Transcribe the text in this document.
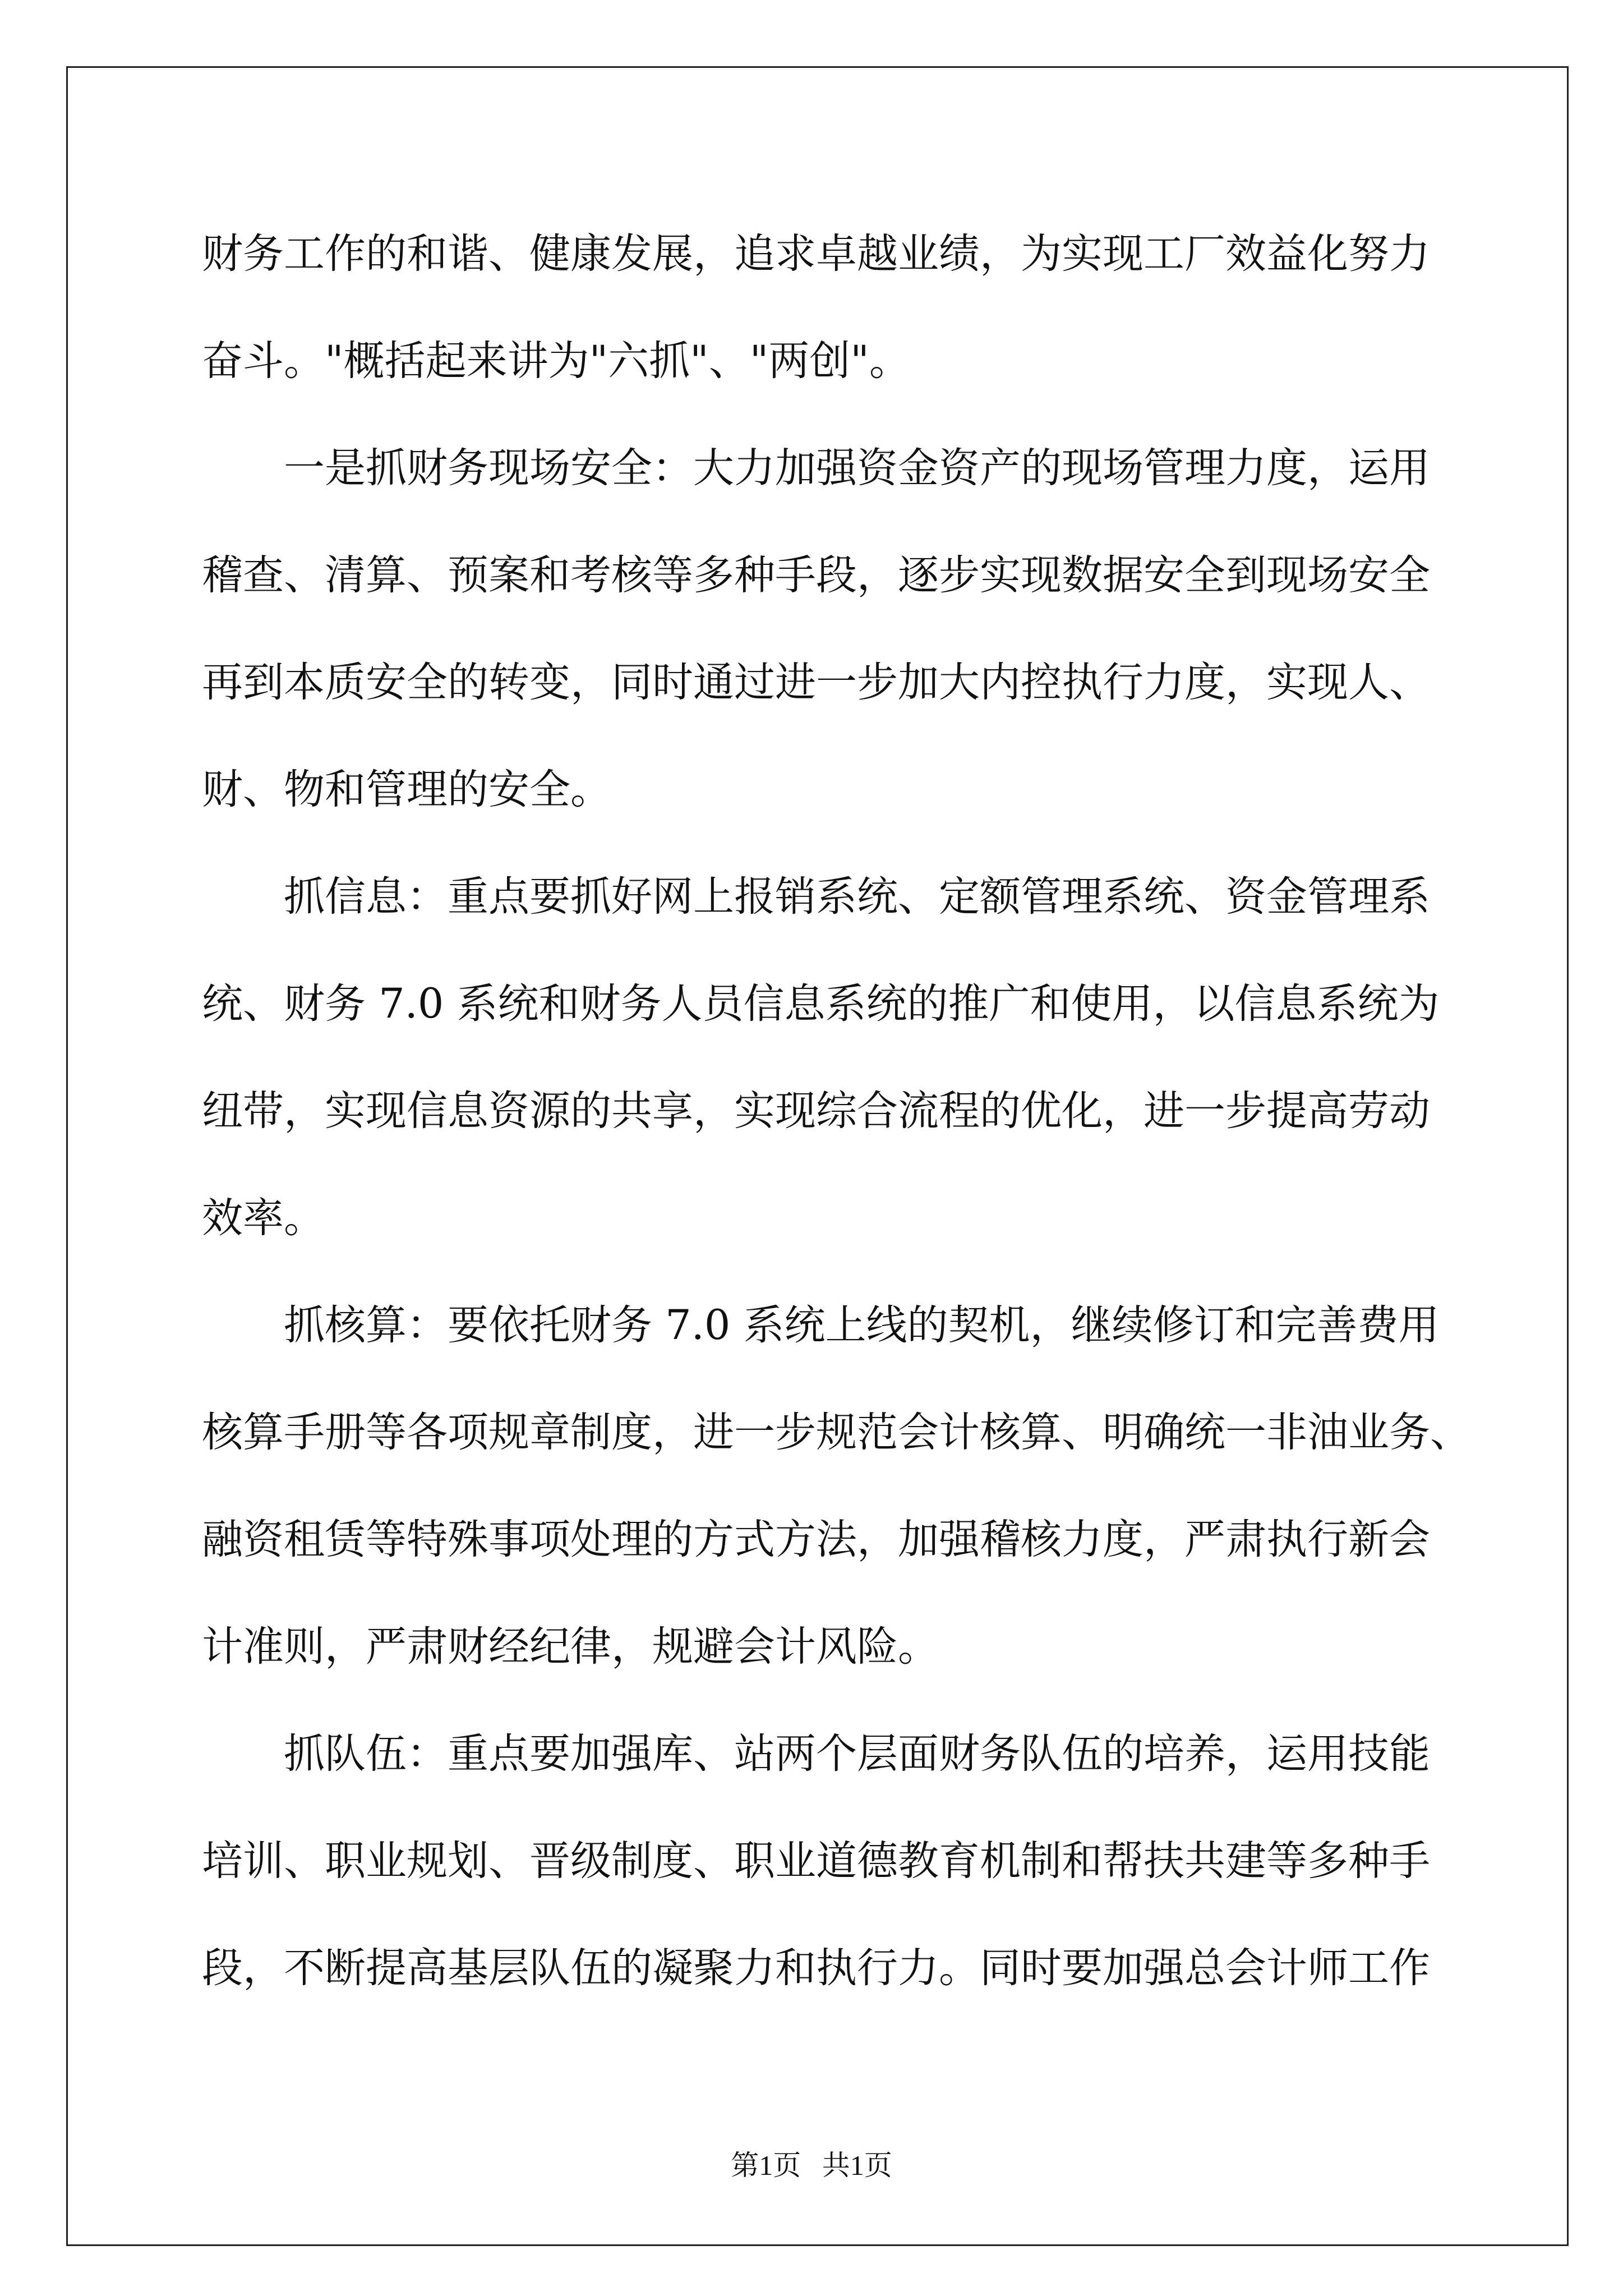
财务工作的和谐、健康发展，追求卓越业绩，为实现工厂效益化努力
奋斗。"概括起来讲为"六抓"、"两创"。
一是抓财务现场安全：大力加强资金资产的现场管理力度，运用
稽查、清算、预案和考核等多种手段，逐步实现数据安全到现场安全
再到本质安全的转变，同时通过进一步加大内控执行力度，实现人、
财、物和管理的安全。
抓信息：重点要抓好网上报销系统、定额管理系统、资金管理系
统、财务 7.0 系统和财务人员信息系统的推广和使用，以信息系统为
纽带，实现信息资源的共享，实现综合流程的优化，进一步提高劳动
效率。
抓核算：要依托财务 7.0 系统上线的契机，继续修订和完善费用
核算手册等各项规章制度，进一步规范会计核算、明确统一非油业务、
融资租赁等特殊事项处理的方式方法，加强稽核力度，严肃执行新会
计准则，严肃财经纪律，规避会计风险。
抓队伍：重点要加强库、站两个层面财务队伍的培养，运用技能
培训、职业规划、晋级制度、职业道德教育机制和帮扶共建等多种手
段，不断提高基层队伍的凝聚力和执行力。同时要加强总会计师工作
第1页   共1页
